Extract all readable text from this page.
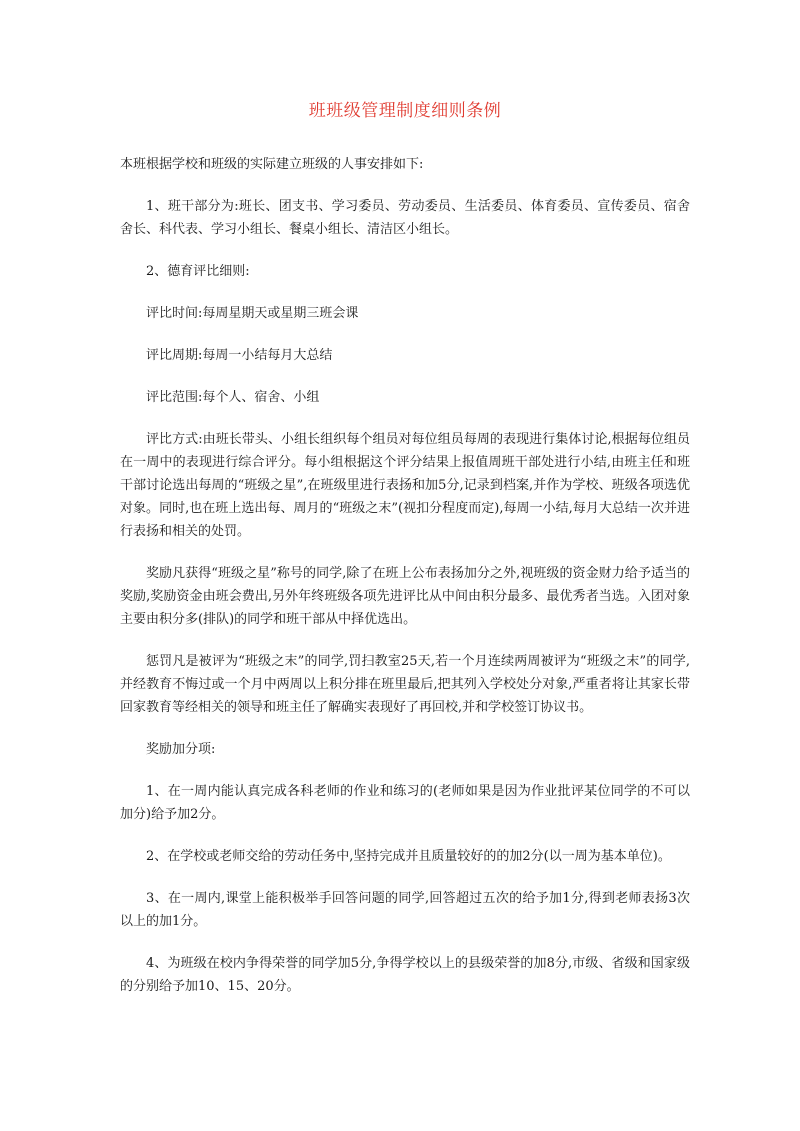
班班级管理制度细则条例

本班根据学校和班级的实际建立班级的人事安排如下:

1、班干部分为:班长、团支书、学习委员、劳动委员、生活委员、体育委员、宣传委员、宿舍舍长、科代表、学习小组长、餐桌小组长、清洁区小组长。

2、德育评比细则:

评比时间:每周星期天或星期三班会课

评比周期:每周一小结每月大总结

评比范围:每个人、宿舍、小组

评比方式:由班长带头、小组长组织每个组员对每位组员每周的表现进行集体讨论,根据每位组员在一周中的表现进行综合评分。每小组根据这个评分结果上报值周班干部处进行小结,由班主任和班干部讨论选出每周的“班级之星”,在班级里进行表扬和加5分,记录到档案,并作为学校、班级各项选优对象。同时,也在班上选出每、周月的“班级之末”(视扣分程度而定),每周一小结,每月大总结一次并进行表扬和相关的处罚。

奖励凡获得“班级之星”称号的同学,除了在班上公布表扬加分之外,视班级的资金财力给予适当的奖励,奖励资金由班会费出,另外年终班级各项先进评比从中间由积分最多、最优秀者当选。入团对象主要由积分多(排队)的同学和班干部从中择优选出。

惩罚凡是被评为“班级之末”的同学,罚扫教室25天,若一个月连续两周被评为“班级之末”的同学,并经教育不悔过或一个月中两周以上积分排在班里最后,把其列入学校处分对象,严重者将让其家长带回家教育等经相关的领导和班主任了解确实表现好了再回校,并和学校签订协议书。

奖励加分项:

1、在一周内能认真完成各科老师的作业和练习的(老师如果是因为作业批评某位同学的不可以加分)给予加2分。

2、在学校或老师交给的劳动任务中,坚持完成并且质量较好的的加2分(以一周为基本单位)。

3、在一周内,课堂上能积极举手回答问题的同学,回答超过五次的给予加1分,得到老师表扬3次以上的加1分。

4、为班级在校内争得荣誉的同学加5分,争得学校以上的县级荣誉的加8分,市级、省级和国家级的分别给予加10、15、20分。
